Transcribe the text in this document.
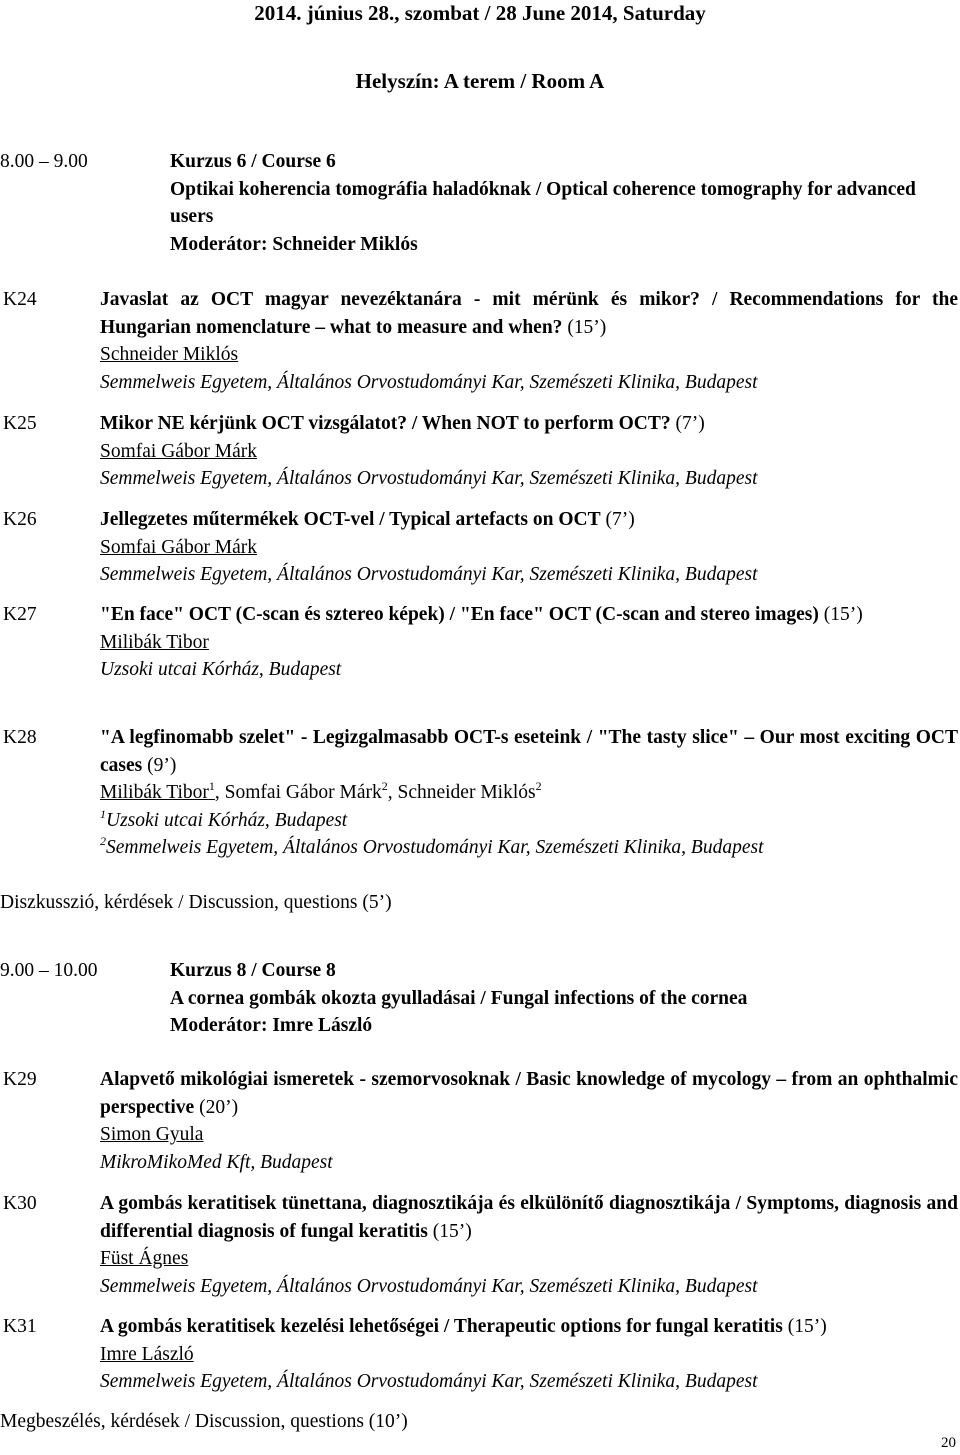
2014. június 28., szombat / 28 June 2014, Saturday
Helyszín: A terem / Room A
8.00 – 9.00	Kurzus 6 / Course 6
Optikai koherencia tomográfia haladóknak / Optical coherence tomography for advanced users
Moderátor: Schneider Miklós
K24	Javaslat az OCT magyar nevezéktanára - mit mérünk és mikor? / Recommendations for the Hungarian nomenclature – what to measure and when? (15’)
Schneider Miklós
Semmelweis Egyetem, Általános Orvostudományi Kar, Szemészeti Klinika, Budapest
K25	Mikor NE kérjünk OCT vizsgálatot? / When NOT to perform OCT? (7’)
Somfai Gábor Márk
Semmelweis Egyetem, Általános Orvostudományi Kar, Szemészeti Klinika, Budapest
K26	Jellegzetes műtermékek OCT-vel / Typical artefacts on OCT (7’)
Somfai Gábor Márk
Semmelweis Egyetem, Általános Orvostudományi Kar, Szemészeti Klinika, Budapest
K27	"En face" OCT (C-scan és sztereo képek) / "En face" OCT (C-scan and stereo images) (15’)
Milibák Tibor
Uzsoki utcai Kórház, Budapest
K28	"A legfinomabb szelet" - Legizgalmasabb OCT-s eseteink / "The tasty slice" – Our most exciting OCT cases (9’)
Milibák Tibor$^1$, Somfai Gábor Márk$^2$, Schneider Miklós$^2$
$^1$Uzsoki utcai Kórház, Budapest
$^2$Semmelweis Egyetem, Általános Orvostudományi Kar, Szemészeti Klinika, Budapest
Diszkusszió, kérdések / Discussion, questions (5’)
9.00 – 10.00	Kurzus 8 / Course 8
A cornea gombák okozta gyulladásai / Fungal infections of the cornea
Moderátor: Imre László
K29	Alapvető mikológiai ismeretek - szemorvosoknak / Basic knowledge of mycology – from an ophthalmic perspective (20’)
Simon Gyula
MikroMikoMed Kft, Budapest
K30	A gombás keratitisek tünettana, diagnosztikája és elkülönítő diagnosztikája / Symptoms, diagnosis and differential diagnosis of fungal keratitis (15’)
Füst Ágnes
Semmelweis Egyetem, Általános Orvostudományi Kar, Szemészeti Klinika, Budapest
K31	A gombás keratitisek kezelési lehetőségei / Therapeutic options for fungal keratitis (15’)
Imre László
Semmelweis Egyetem, Általános Orvostudományi Kar, Szemészeti Klinika, Budapest
Megbeszélés, kérdések / Discussion, questions (10’)
20
